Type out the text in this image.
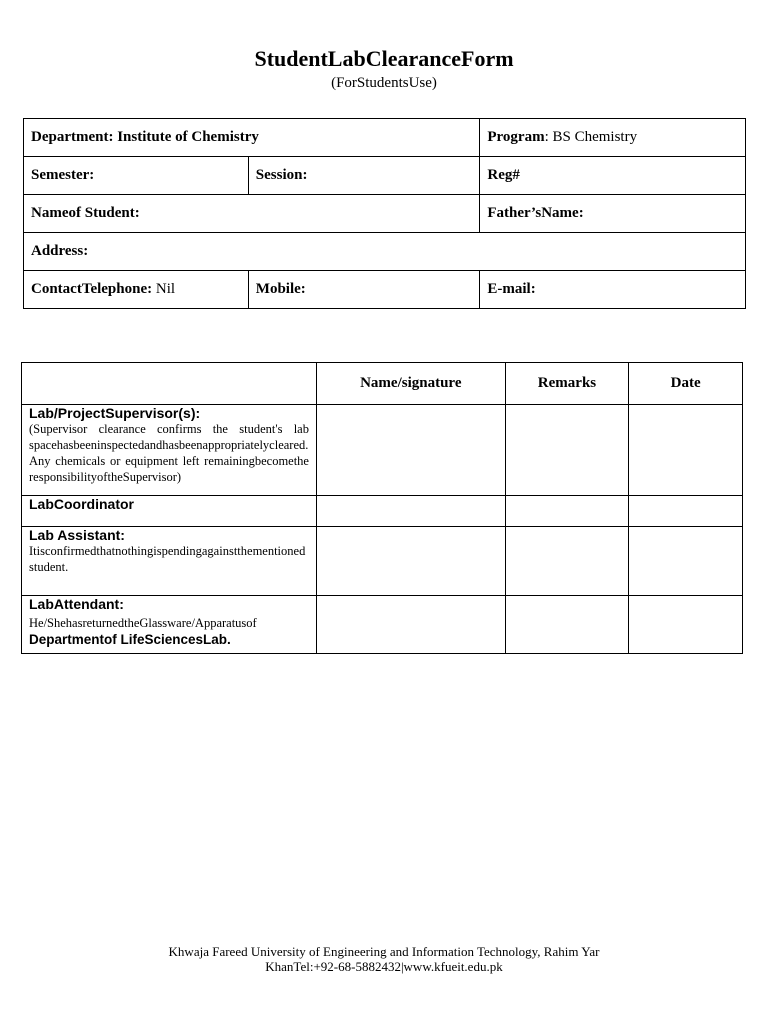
StudentLabClearanceForm
(ForStudentsUse)
Department: Institute of Chemistry		Program: BS Chemistry
Semester:	Session:	Reg#
Nameof Student:		Father’sName:
Address:		
ContactTelephone: Nil	Mobile:	E-mail:
	Name/signature	Remarks	Date

Lab/ProjectSupervisor(s):
(Supervisor clearance confirms the student's lab spacehasbeeninspectedandhasbeenappropriatelycleared. Any chemicals or equipment left remainingbecomethe responsibilityoftheSupervisor)			

LabCoordinator			

Lab Assistant:
Itisconfirmedthatnothingispendingagainstthementioned student.			

LabAttendant:
He/ShehasreturnedtheGlassware/Apparatusof
Departmentof LifeSciencesLab.			

Khwaja Fareed University of Engineering and Information Technology, Rahim Yar
KhanTel:+92-68-5882432|www.kfueit.edu.pk
